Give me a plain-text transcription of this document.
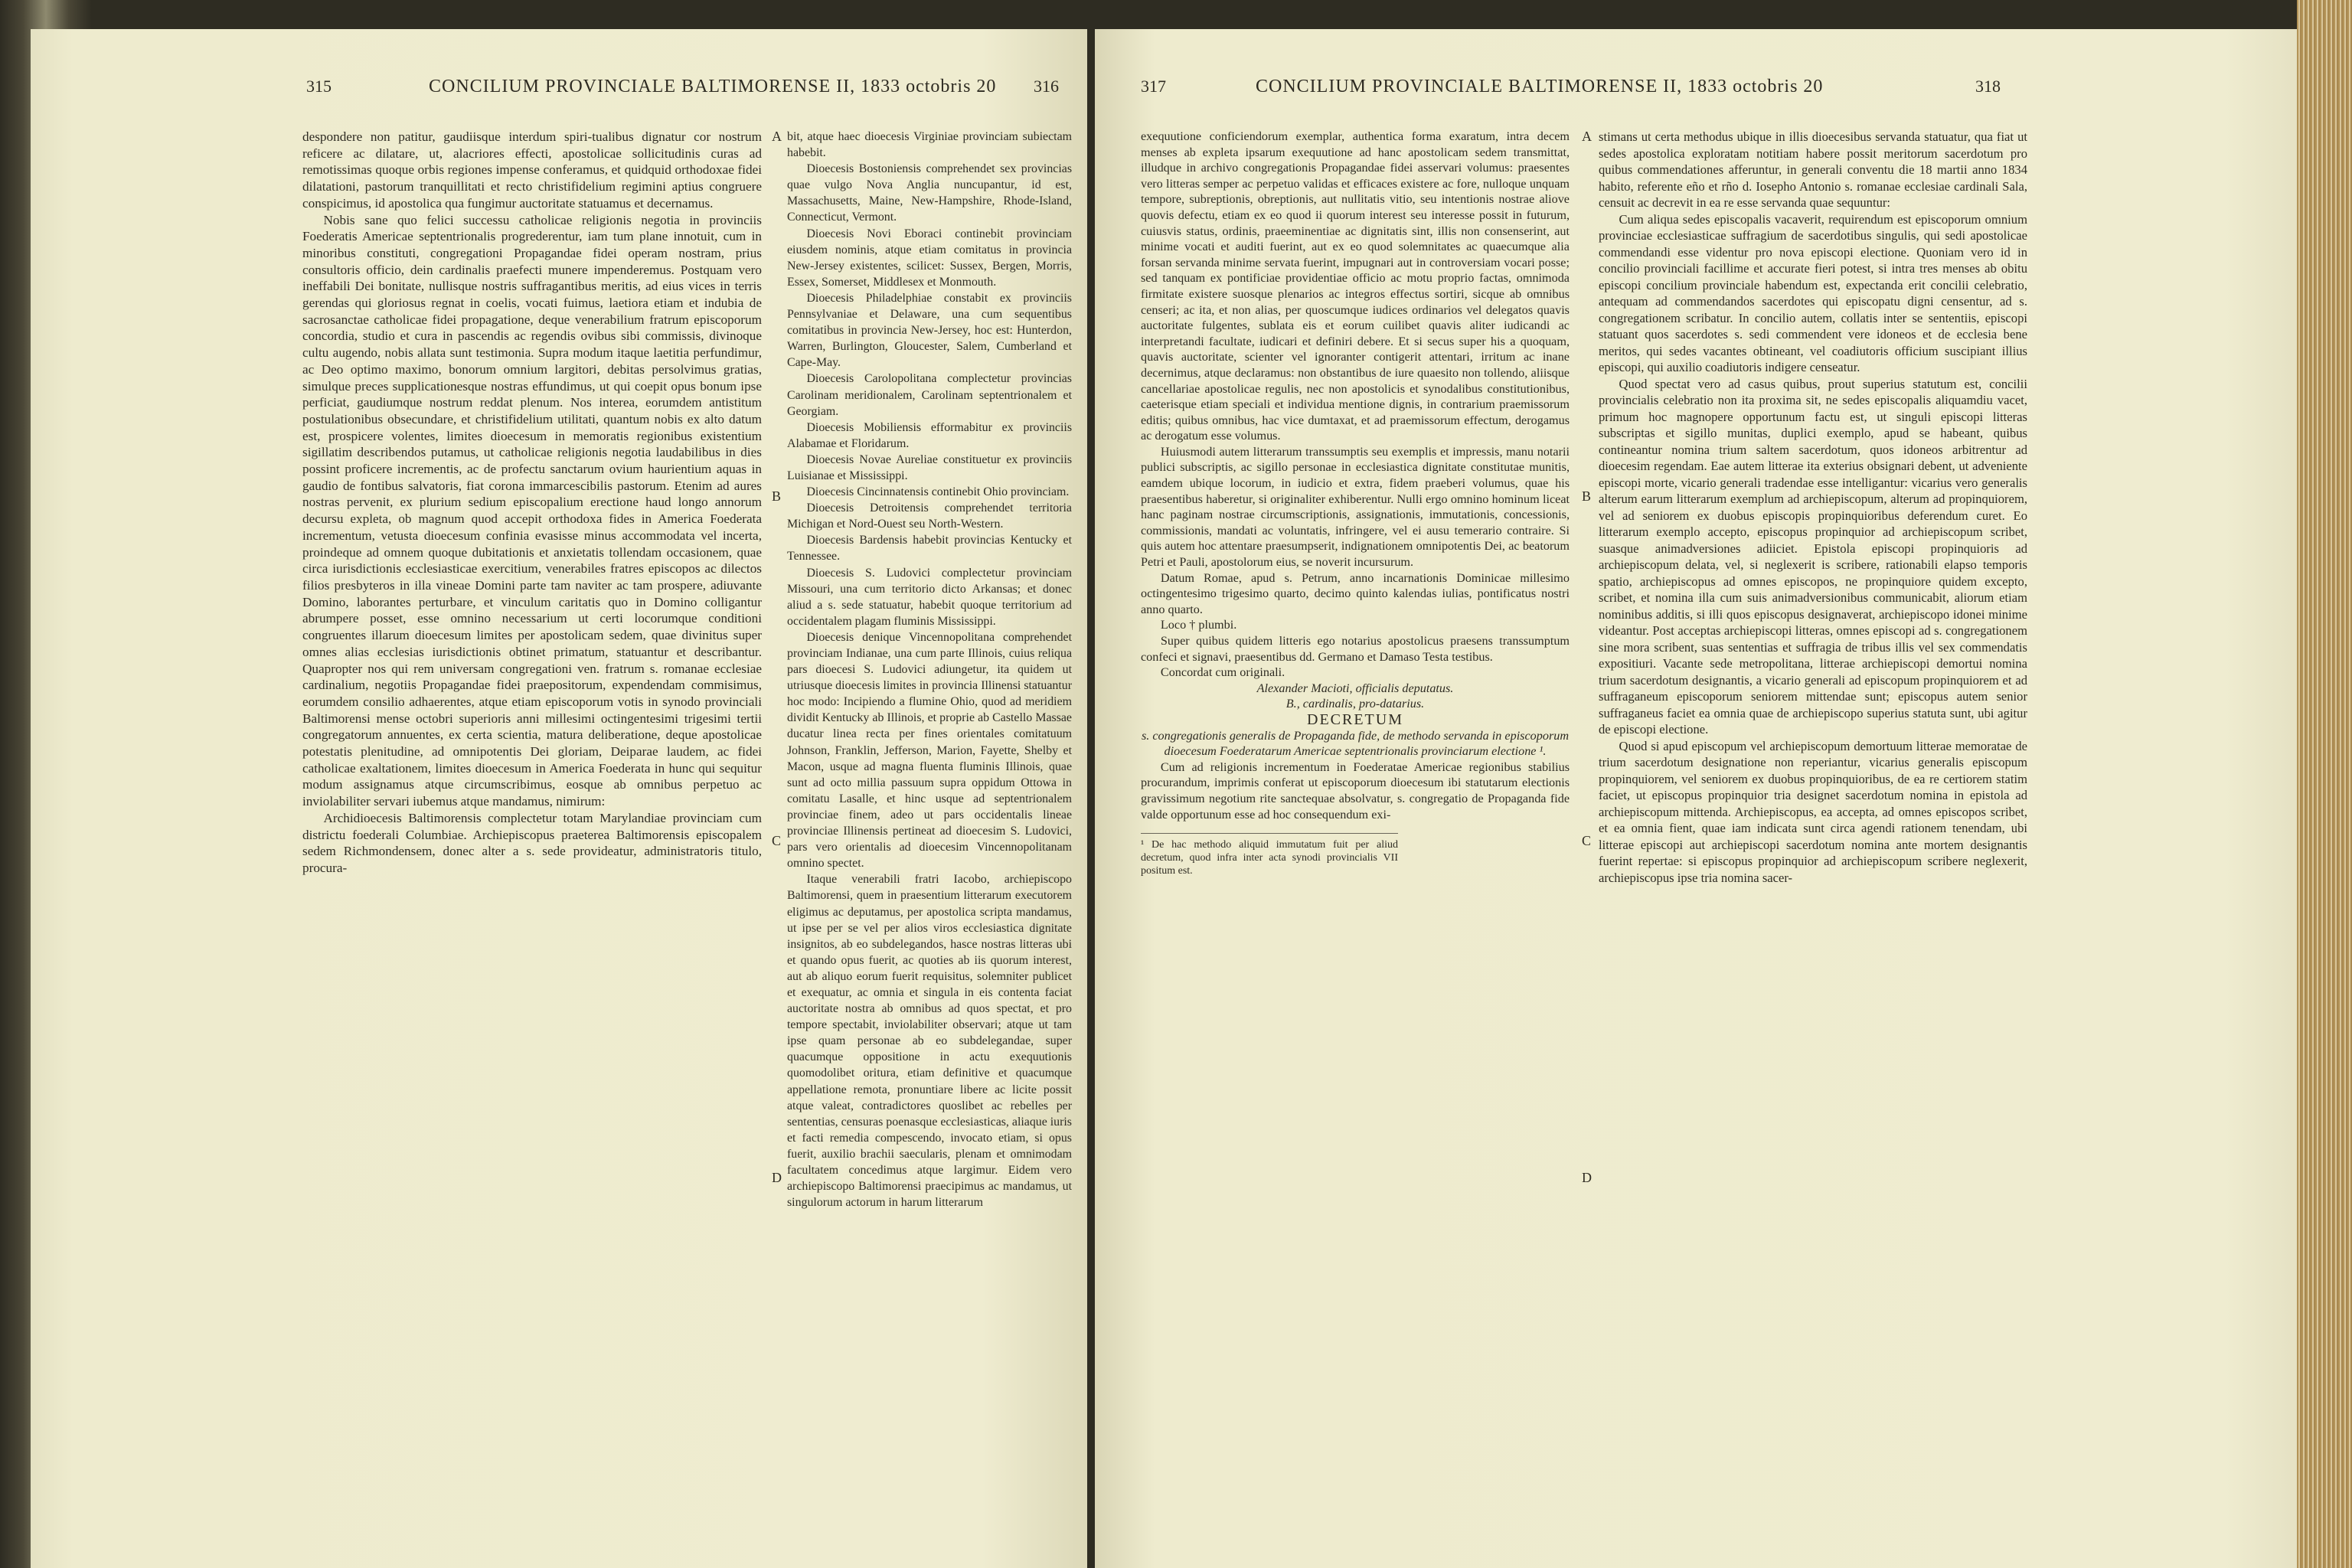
315	CONCILIUM PROVINCIALE BALTIMORENSE II, 1833 octobris 20 316

despondere non patitur, gaudiisque interdum spiri-tualibus dignatur cor nostrum reficere ac dilatare, ut, alacriores effecti, apostolicae sollicitudinis curas ad remotissimas quoque orbis regiones impense conferamus, et quidquid orthodoxae fidei dilatationi, pastorum tranquillitati et recto christifidelium regimini aptius congruere conspicimus, id apostolica qua fungimur auctoritate statuamus et decernamus.

Nobis sane quo felici successu catholicae religionis negotia in provinciis Foederatis Americae septentrionalis progrederentur, iam tum plane innotuit, cum in minoribus constituti, congregationi Propagandae fidei operam nostram, prius consultoris officio, dein cardinalis praefecti munere impenderemus. Postquam vero ineffabili Dei bonitate, nullisque nostris suffragantibus meritis, ad eius vices in terris gerendas qui gloriosus regnat in coelis, vocati fuimus, laetiora etiam et indubia de sacrosanctae catholicae fidei propagatione, deque venerabilium fratrum episcoporum concordia, studio et cura in pascendis ac regendis ovibus sibi commissis, divinoque cultu augendo, nobis allata sunt testimonia. Supra modum itaque laetitia perfundimur, ac Deo optimo maximo, bonorum omnium largitori, debitas persolvimus gratias, simulque preces supplicationesque nostras effundimus, ut qui coepit opus bonum ipse perficiat, gaudiumque nostrum reddat plenum. Nos interea, eorumdem antistitum postulationibus obsecundare, et christifidelium utilitati, quantum nobis ex alto datum est, prospicere volentes, limites dioecesum in memoratis regionibus existentium sigillatim describendos putamus, ut catholicae religionis negotia laudabilibus in dies possint proficere incrementis, ac de profectu sanctarum ovium haurientium aquas in gaudio de fontibus salvatoris, fiat corona immarcescibilis pastorum. Etenim ad aures nostras pervenit, ex plurium sedium episcopalium erectione haud longo annorum decursu expleta, ob magnum quod accepit orthodoxa fides in America Foederata incrementum, vetusta dioecesum confinia evasisse minus accommodata vel incerta, proindeque ad omnem quoque dubitationis et anxietatis tollendam occasionem, quae circa iurisdictionis ecclesiasticae exercitium, venerabiles fratres episcopos ac dilectos filios presbyteros in illa vineae Domini parte tam naviter ac tam prospere, adiuvante Domino, laborantes perturbare, et vinculum caritatis quo in Domino colligantur abrumpere posset, esse omnino necessarium ut certi locorumque conditioni congruentes illarum dioecesum limites per apostolicam sedem, quae divinitus super omnes alias ecclesias iurisdictionis obtinet primatum, statuantur et describantur. Quapropter nos qui rem universam congregationi ven. fratrum s. romanae ecclesiae cardinalium, negotiis Propagandae fidei praepositorum, expendendam commisimus, eorumdem consilio adhaerentes, atque etiam episcoporum votis in synodo provinciali Baltimorensi mense octobri superioris anni millesimi octingentesimi trigesimi tertii congregatorum annuentes, ex certa scientia, matura deliberatione, deque apostolicae potestatis plenitudine, ad omnipotentis Dei gloriam, Deiparae laudem, ac fidei catholicae exaltationem, limites dioecesum in America Foederata in hunc qui sequitur modum assignamus atque circumscribimus, eosque ab omnibus perpetuo ac inviolabiliter servari iubemus atque mandamus, nimirum:

Archidioecesis Baltimorensis complectetur totam Marylandiae provinciam cum districtu foederali Columbiae. Archiepiscopus praeterea Baltimorensis episcopalem sedem Richmondensem, donec alter a s. sede provideatur, administratoris titulo, procura-

A
B
C
D

bit, atque haec dioecesis Virginiae provinciam subiectam habebit.

Dioecesis Bostoniensis comprehendet sex provincias quae vulgo Nova Anglia nuncupantur, id est, Massachusetts, Maine, New-Hampshire, Rhode-Island, Connecticut, Vermont.

Dioecesis Novi Eboraci continebit provinciam eiusdem nominis, atque etiam comitatus in provincia New-Jersey existentes, scilicet: Sussex, Bergen, Morris, Essex, Somerset, Middlesex et Monmouth.

Dioecesis Philadelphiae constabit ex provinciis Pennsylvaniae et Delaware, una cum sequentibus comitatibus in provincia New-Jersey, hoc est: Hunterdon, Warren, Burlington, Gloucester, Salem, Cumberland et Cape-May.

Dioecesis Carolopolitana complectetur provincias Carolinam meridionalem, Carolinam septentrionalem et Georgiam.

Dioecesis Mobiliensis efformabitur ex provinciis Alabamae et Floridarum.

Dioecesis Novae Aureliae constituetur ex provinciis Luisianae et Mississippi.

Dioecesis Cincinnatensis continebit Ohio provinciam.

Dioecesis Detroitensis comprehendet territoria Michigan et Nord-Ouest seu North-Western.

Dioecesis Bardensis habebit provincias Kentucky et Tennessee.

Dioecesis S. Ludovici complectetur provinciam Missouri, una cum territorio dicto Arkansas; et donec aliud a s. sede statuatur, habebit quoque territorium ad occidentalem plagam fluminis Mississippi.

Dioecesis denique Vincennopolitana comprehendet provinciam Indianae, una cum parte Illinois, cuius reliqua pars dioecesi S. Ludovici adiungetur, ita quidem ut utriusque dioecesis limites in provincia Illinensi statuantur hoc modo: Incipiendo a flumine Ohio, quod ad meridiem dividit Kentucky ab Illinois, et proprie ab Castello Massae ducatur linea recta per fines orientales comitatuum Johnson, Franklin, Jefferson, Marion, Fayette, Shelby et Macon, usque ad magna fluenta fluminis Illinois, quae sunt ad octo millia passuum supra oppidum Ottowa in comitatu Lasalle, et hinc usque ad septentrionalem provinciae finem, adeo ut pars occidentalis lineae provinciae Illinensis pertineat ad dioecesim S. Ludovici, pars vero orientalis ad dioecesim Vincennopolitanam omnino spectet.

Itaque venerabili fratri Iacobo, archiepiscopo Baltimorensi, quem in praesentium litterarum executorem eligimus ac deputamus, per apostolica scripta mandamus, ut ipse per se vel per alios viros ecclesiastica dignitate insignitos, ab eo subdelegandos, hasce nostras litteras ubi et quando opus fuerit, ac quoties ab iis quorum interest, aut ab aliquo eorum fuerit requisitus, solemniter publicet et exequatur, ac omnia et singula in eis contenta faciat auctoritate nostra ab omnibus ad quos spectat, et pro tempore spectabit, inviolabiliter observari; atque ut tam ipse quam personae ab eo subdelegandae, super quacumque oppositione in actu exequutionis quomodolibet oritura, etiam definitive et quacumque appellatione remota, pronuntiare libere ac licite possit atque valeat, contradictores quoslibet ac rebelles per sententias, censuras poenasque ecclesiasticas, aliaque iuris et facti remedia compescendo, invocato etiam, si opus fuerit, auxilio brachii saecularis, plenam et omnimodam facultatem concedimus atque largimur. Eidem vero archiepiscopo Baltimorensi praecipimus ac mandamus, ut singulorum actorum in harum litterarum

317	CONCILIUM PROVINCIALE BALTIMORENSE II, 1833 octobris 20	318

exequutione conficiendorum exemplar, authentica forma exaratum, intra decem menses ab expleta ipsarum exequutione ad hanc apostolicam sedem transmittat, illudque in archivo congregationis Propagandae fidei asservari volumus: praesentes vero litteras semper ac perpetuo validas et efficaces existere ac fore, nulloque unquam tempore, subreptionis, obreptionis, aut nullitatis vitio, seu intentionis nostrae aliove quovis defectu, etiam ex eo quod ii quorum interest seu interesse possit in futurum, cuiusvis status, ordinis, praeeminentiae ac dignitatis sint, illis non consenserint, aut minime vocati et auditi fuerint, aut ex eo quod solemnitates ac quaecumque alia forsan servanda minime servata fuerint, impugnari aut in controversiam vocari posse; sed tanquam ex pontificiae providentiae officio ac motu proprio factas, omnimoda firmitate existere suosque plenarios ac integros effectus sortiri, sicque ab omnibus censeri; ac ita, et non alias, per quoscumque iudices ordinarios vel delegatos quavis auctoritate fulgentes, sublata eis et eorum cuilibet quavis aliter iudicandi ac interpretandi facultate, iudicari et definiri debere. Et si secus super his a quoquam, quavis auctoritate, scienter vel ignoranter contigerit attentari, irritum ac inane decernimus, atque declaramus: non obstantibus de iure quaesito non tollendo, aliisque cancellariae apostolicae regulis, nec non apostolicis et synodalibus constitutionibus, caeterisque etiam speciali et individua mentione dignis, in contrarium praemissorum editis; quibus omnibus, hac vice dumtaxat, et ad praemissorum effectum, derogamus ac derogatum esse volumus.

Huiusmodi autem litterarum transsumptis seu exemplis et impressis, manu notarii publici subscriptis, ac sigillo personae in ecclesiastica dignitate constitutae munitis, eamdem ubique locorum, in iudicio et extra, fidem praeberi volumus, quae his praesentibus haberetur, si originaliter exhiberentur. Nulli ergo omnino hominum liceat hanc paginam nostrae circumscriptionis, assignationis, immutationis, concessionis, commissionis, mandati ac voluntatis, infringere, vel ei ausu temerario contraire. Si quis autem hoc attentare praesumpserit, indignationem omnipotentis Dei, ac beatorum Petri et Pauli, apostolorum eius, se noverit incursurum.

Datum Romae, apud s. Petrum, anno incarnationis Dominicae millesimo octingentesimo trigesimo quarto, decimo quinto kalendas iulias, pontificatus nostri anno quarto.

Loco † plumbi.

Super quibus quidem litteris ego notarius apostolicus praesens transsumptum confeci et signavi, praesentibus dd. Germano et Damaso Testa testibus.

Concordat cum originali.

Alexander Macioti, officialis deputatus.

B., cardinalis, pro-datarius.

DECRETUM

s. congregationis generalis de Propaganda fide, de methodo servanda in episcoporum dioecesum Foederatarum Americae septentrionalis provinciarum electione ¹.

Cum ad religionis incrementum in Foederatae Americae regionibus stabilius procurandum, imprimis conferat ut episcoporum dioecesum ibi statutarum electionis gravissimum negotium rite sanctequae absolvatur, s. congregatio de Propaganda fide valde opportunum esse ad hoc consequendum exi-

¹ De hac methodo aliquid immutatum fuit per aliud decretum, quod infra inter acta synodi provincialis VII positum est.
A
B
C
D

stimans ut certa methodus ubique in illis dioecesibus servanda statuatur, qua fiat ut sedes apostolica exploratam notitiam habere possit meritorum sacerdotum pro quibus commendationes afferuntur, in generali conventu die 18 martii anno 1834 habito, referente eño et rño d. Iosepho Antonio s. romanae ecclesiae cardinali Sala, censuit ac decrevit in ea re esse servanda quae sequuntur:

Cum aliqua sedes episcopalis vacaverit, requirendum est episcoporum omnium provinciae ecclesiasticae suffragium de sacerdotibus singulis, qui sedi apostolicae commendandi esse videntur pro nova episcopi electione. Quoniam vero id in concilio provinciali facillime et accurate fieri potest, si intra tres menses ab obitu episcopi concilium provinciale habendum est, expectanda erit concilii celebratio, antequam ad commendandos sacerdotes qui episcopatu digni censentur, ad s. congregationem scribatur. In concilio autem, collatis inter se sententiis, episcopi statuant quos sacerdotes s. sedi commendent vere idoneos et de ecclesia bene meritos, qui sedes vacantes obtineant, vel coadiutoris officium suscipiant illius episcopi, qui auxilio coadiutoris indigere censeatur.

Quod spectat vero ad casus quibus, prout superius statutum est, concilii provincialis celebratio non ita proxima sit, ne sedes episcopalis aliquamdiu vacet, primum hoc magnopere opportunum factu est, ut singuli episcopi litteras subscriptas et sigillo munitas, duplici exemplo, apud se habeant, quibus contineantur nomina trium saltem sacerdotum, quos idoneos arbitrentur ad dioecesim regendam. Eae autem litterae ita exterius obsignari debent, ut adveniente episcopi morte, vicario generali tradendae esse intelligantur: vicarius vero generalis alterum earum litterarum exemplum ad archiepiscopum, alterum ad propinquiorem, vel ad seniorem ex duobus episcopis propinquioribus deferendum curet. Eo litterarum exemplo accepto, episcopus propinquior ad archiepiscopum scribet, suasque animadversiones adiiciet. Epistola episcopi propinquioris ad archiepiscopum delata, vel, si neglexerit is scribere, rationabili elapso temporis spatio, archiepiscopus ad omnes episcopos, ne propinquiore quidem excepto, scribet, et nomina illa cum suis animadversionibus communicabit, aliorum etiam nominibus additis, si illi quos episcopus designaverat, archiepiscopo idonei minime videantur. Post acceptas archiepiscopi litteras, omnes episcopi ad s. congregationem sine mora scribent, suas sententias et suffragia de tribus illis vel sex commendatis expositiuri. Vacante sede metropolitana, litterae archiepiscopi demortui nomina trium sacerdotum designantis, a vicario generali ad episcopum propinquiorem et ad suffraganeum episcoporum seniorem mittendae sunt; episcopus autem senior suffraganeus faciet ea omnia quae de archiepiscopo superius statuta sunt, ubi agitur de episcopi electione.

Quod si apud episcopum vel archiepiscopum demortuum litterae memoratae de trium sacerdotum designatione non reperiantur, vicarius generalis episcopum propinquiorem, vel seniorem ex duobus propinquioribus, de ea re certiorem statim faciet, ut episcopus propinquior tria designet sacerdotum nomina in epistola ad archiepiscopum mittenda. Archiepiscopus, ea accepta, ad omnes episcopos scribet, et ea omnia fient, quae iam indicata sunt circa agendi rationem tenendam, ubi litterae episcopi aut archiepiscopi sacerdotum nomina ante mortem designantis fuerint repertae: si episcopus propinquior ad archiepiscopum scribere neglexerit, archiepiscopus ipse tria nomina sacer-
